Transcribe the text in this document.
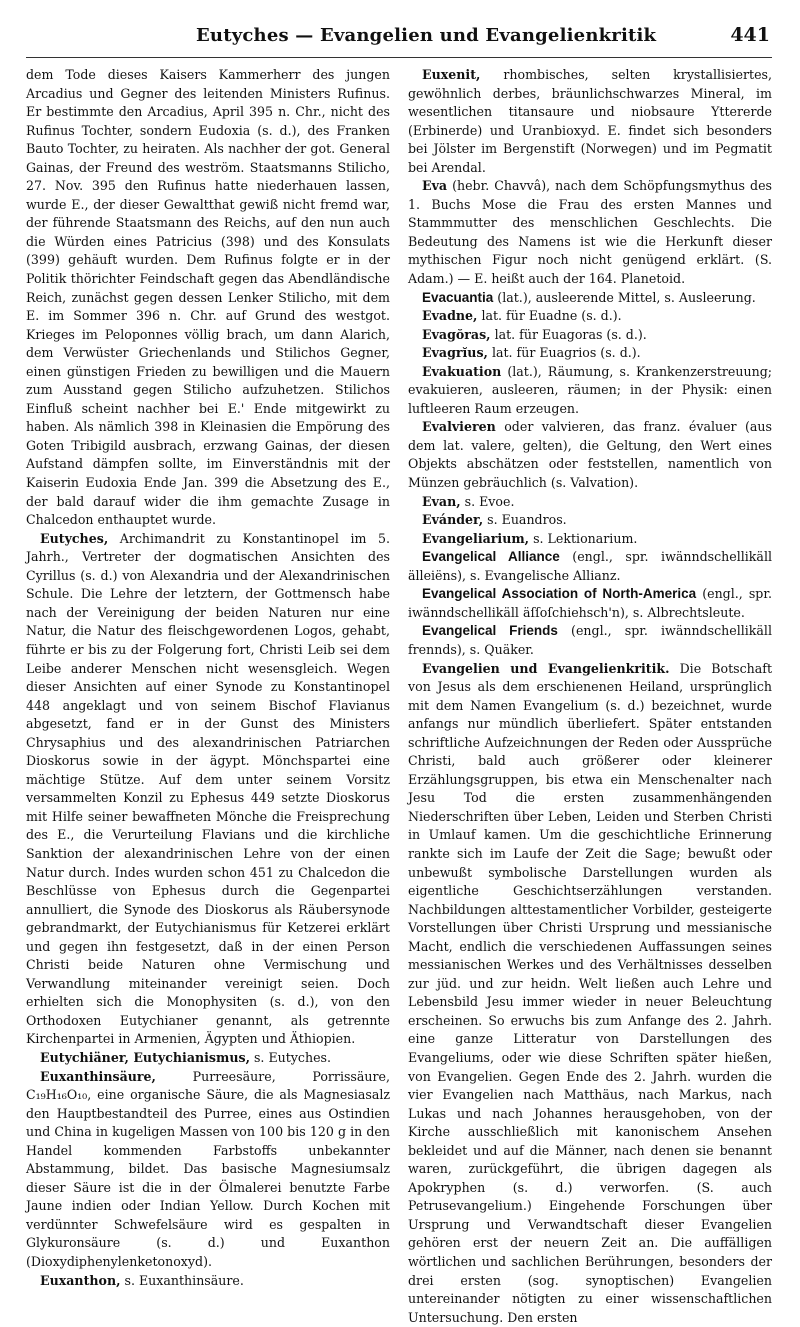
Eutyches — Evangelien und Evangelienkritik	441

dem Tode dieses Kaisers Kammerherr des jungen Arcadius und Gegner des leitenden Ministers Rufinus. Er bestimmte den Arcadius, April 395 n. Chr., nicht des Rufinus Tochter, sondern Eudoxia (s. d.), des Franken Bauto Tochter, zu heiraten. Als nachher der got. General Gainas, der Freund des weström. Staatsmanns Stilicho, 27. Nov. 395 den Rufinus hatte niederhauen lassen, wurde E., der dieser Gewaltthat gewiß nicht fremd war, der führende Staatsmann des Reichs, auf den nun auch die Würden eines Patricius (398) und des Konsulats (399) gehäuft wurden. Dem Rufinus folgte er in der Politik thörichter Feindschaft gegen das Abendländische Reich, zunächst gegen dessen Lenker Stilicho, mit dem E. im Sommer 396 n. Chr. auf Grund des westgot. Krieges im Peloponnes völlig brach, um dann Alarich, dem Verwüster Griechenlands und Stilichos Gegner, einen günstigen Frieden zu bewilligen und die Mauern zum Ausstand gegen Stilicho aufzuhetzen. Stilichos Einfluß scheint nachher bei E.' Ende mitgewirkt zu haben. Als nämlich 398 in Kleinasien die Empörung des Goten Tribigild ausbrach, erzwang Gainas, der diesen Aufstand dämpfen sollte, im Einverständnis mit der Kaiserin Eudoxia Ende Jan. 399 die Absetzung des E., der bald darauf wider die ihm gemachte Zusage in Chalcedon enthauptet wurde.

Eutyches, Archimandrit zu Konstantinopel im 5. Jahrh., Vertreter der dogmatischen Ansichten des Cyrillus (s. d.) von Alexandria und der Alexandrinischen Schule. Die Lehre der letztern, der Gottmensch habe nach der Vereinigung der beiden Naturen nur eine Natur, die Natur des fleischgewordenen Logos, gehabt, führte er bis zu der Folgerung fort, Christi Leib sei dem Leibe anderer Menschen nicht wesensgleich. Wegen dieser Ansichten auf einer Synode zu Konstantinopel 448 angeklagt und von seinem Bischof Flavianus abgesetzt, fand er in der Gunst des Ministers Chrysaphius und des alexandrinischen Patriarchen Dioskorus sowie in der ägypt. Mönchspartei eine mächtige Stütze. Auf dem unter seinem Vorsitz versammelten Konzil zu Ephesus 449 setzte Dioskorus mit Hilfe seiner bewaffneten Mönche die Freisprechung des E., die Verurteilung Flavians und die kirchliche Sanktion der alexandrinischen Lehre von der einen Natur durch. Indes wurden schon 451 zu Chalcedon die Beschlüsse von Ephesus durch die Gegenpartei annulliert, die Synode des Dioskorus als Räubersynode gebrandmarkt, der Eutychianismus für Ketzerei erklärt und gegen ihn festgesetzt, daß in der einen Person Christi beide Naturen ohne Vermischung und Verwandlung miteinander vereinigt seien. Doch erhielten sich die Monophysiten (s. d.), von den Orthodoxen Eutychianer genannt, als getrennte Kirchenpartei in Armenien, Ägypten und Äthiopien.

Eutychiäner, Eutychianismus, s. Eutyches.

Euxanthinsäure, Purreesäure, Porrissäure, C₁₉H₁₆O₁₀, eine organische Säure, die als Magnesiasalz den Hauptbestandteil des Purree, eines aus Ostindien und China in kugeligen Massen von 100 bis 120 g in den Handel kommenden Farbstoffs unbekannter Abstammung, bildet. Das basische Magnesiumsalz dieser Säure ist die in der Ölmalerei benutzte Farbe Jaune indien oder Indian Yellow. Durch Kochen mit verdünnter Schwefelsäure wird es gespalten in Glykuronsäure (s. d.) und Euxanthon (Dioxydiphenylenketonoxyd).

Euxanthon, s. Euxanthinsäure.

Euxenit, rhombisches, selten krystallisiertes, gewöhnlich derbes, bräunlichschwarzes Mineral, im wesentlichen titansaure und niobsaure Yttererde (Erbinerde) und Uranbioxyd. E. findet sich besonders bei Jölster im Bergenstift (Norwegen) und im Pegmatit bei Arendal.

Eva (hebr. Chavvâ), nach dem Schöpfungsmythus des 1. Buchs Mose die Frau des ersten Mannes und Stammmutter des menschlichen Geschlechts. Die Bedeutung des Namens ist wie die Herkunft dieser mythischen Figur noch nicht genügend erklärt. (S. Adam.) — E. heißt auch der 164. Planetoid.

Evacuantia (lat.), ausleerende Mittel, s. Ausleerung.

Evadne, lat. für Euadne (s. d.).

Evagŏras, lat. für Euagoras (s. d.).

Evagrĭus, lat. für Euagrios (s. d.).

Evakuation (lat.), Räumung, s. Krankenzerstreuung; evakuieren, ausleeren, räumen; in der Physik: einen luftleeren Raum erzeugen.

Evalvieren oder valvieren, das franz. évaluer (aus dem lat. valere, gelten), die Geltung, den Wert eines Objekts abschätzen oder feststellen, namentlich von Münzen gebräuchlich (s. Valvation).

Evan, s. Evoe.

Evánder, s. Euandros.

Evangeliarium, s. Lektionarium.

Evangelical Alliance (engl., spr. iwänndschellikäll älleiëns), s. Evangelische Allianz.

Evangelical Association of North-America (engl., spr. iwänndschellikäll äſſoſchiehsch'n), s. Albrechtsleute.

Evangelical Friends (engl., spr. iwänndschellikäll frennds), s. Quäker.

Evangelien und Evangelienkritik. Die Botschaft von Jesus als dem erschienenen Heiland, ursprünglich mit dem Namen Evangelium (s. d.) bezeichnet, wurde anfangs nur mündlich überliefert. Später entstanden schriftliche Aufzeichnungen der Reden oder Aussprüche Christi, bald auch größerer oder kleinerer Erzählungsgruppen, bis etwa ein Menschenalter nach Jesu Tod die ersten zusammenhängenden Niederschriften über Leben, Leiden und Sterben Christi in Umlauf kamen. Um die geschichtliche Erinnerung rankte sich im Laufe der Zeit die Sage; bewußt oder unbewußt symbolische Darstellungen wurden als eigentliche Geschichtserzählungen verstanden. Nachbildungen alttestamentlicher Vorbilder, gesteigerte Vorstellungen über Christi Ursprung und messianische Macht, endlich die verschiedenen Auffassungen seines messianischen Werkes und des Verhältnisses desselben zur jüd. und zur heidn. Welt ließen auch Lehre und Lebensbild Jesu immer wieder in neuer Beleuchtung erscheinen. So erwuchs bis zum Anfange des 2. Jahrh. eine ganze Litteratur von Darstellungen des Evangeliums, oder wie diese Schriften später hießen, von Evangelien. Gegen Ende des 2. Jahrh. wurden die vier Evangelien nach Matthäus, nach Markus, nach Lukas und nach Johannes herausgehoben, von der Kirche ausschließlich mit kanonischem Ansehen bekleidet und auf die Männer, nach denen sie benannt waren, zurückgeführt, die übrigen dagegen als Apokryphen (s. d.) verworfen. (S. auch Petrusevangelium.) Eingehende Forschungen über Ursprung und Verwandtschaft dieser Evangelien gehören erst der neuern Zeit an. Die auffälligen wörtlichen und sachlichen Berührungen, besonders der drei ersten (sog. synoptischen) Evangelien untereinander nötigten zu einer wissenschaftlichen Untersuchung. Den ersten
